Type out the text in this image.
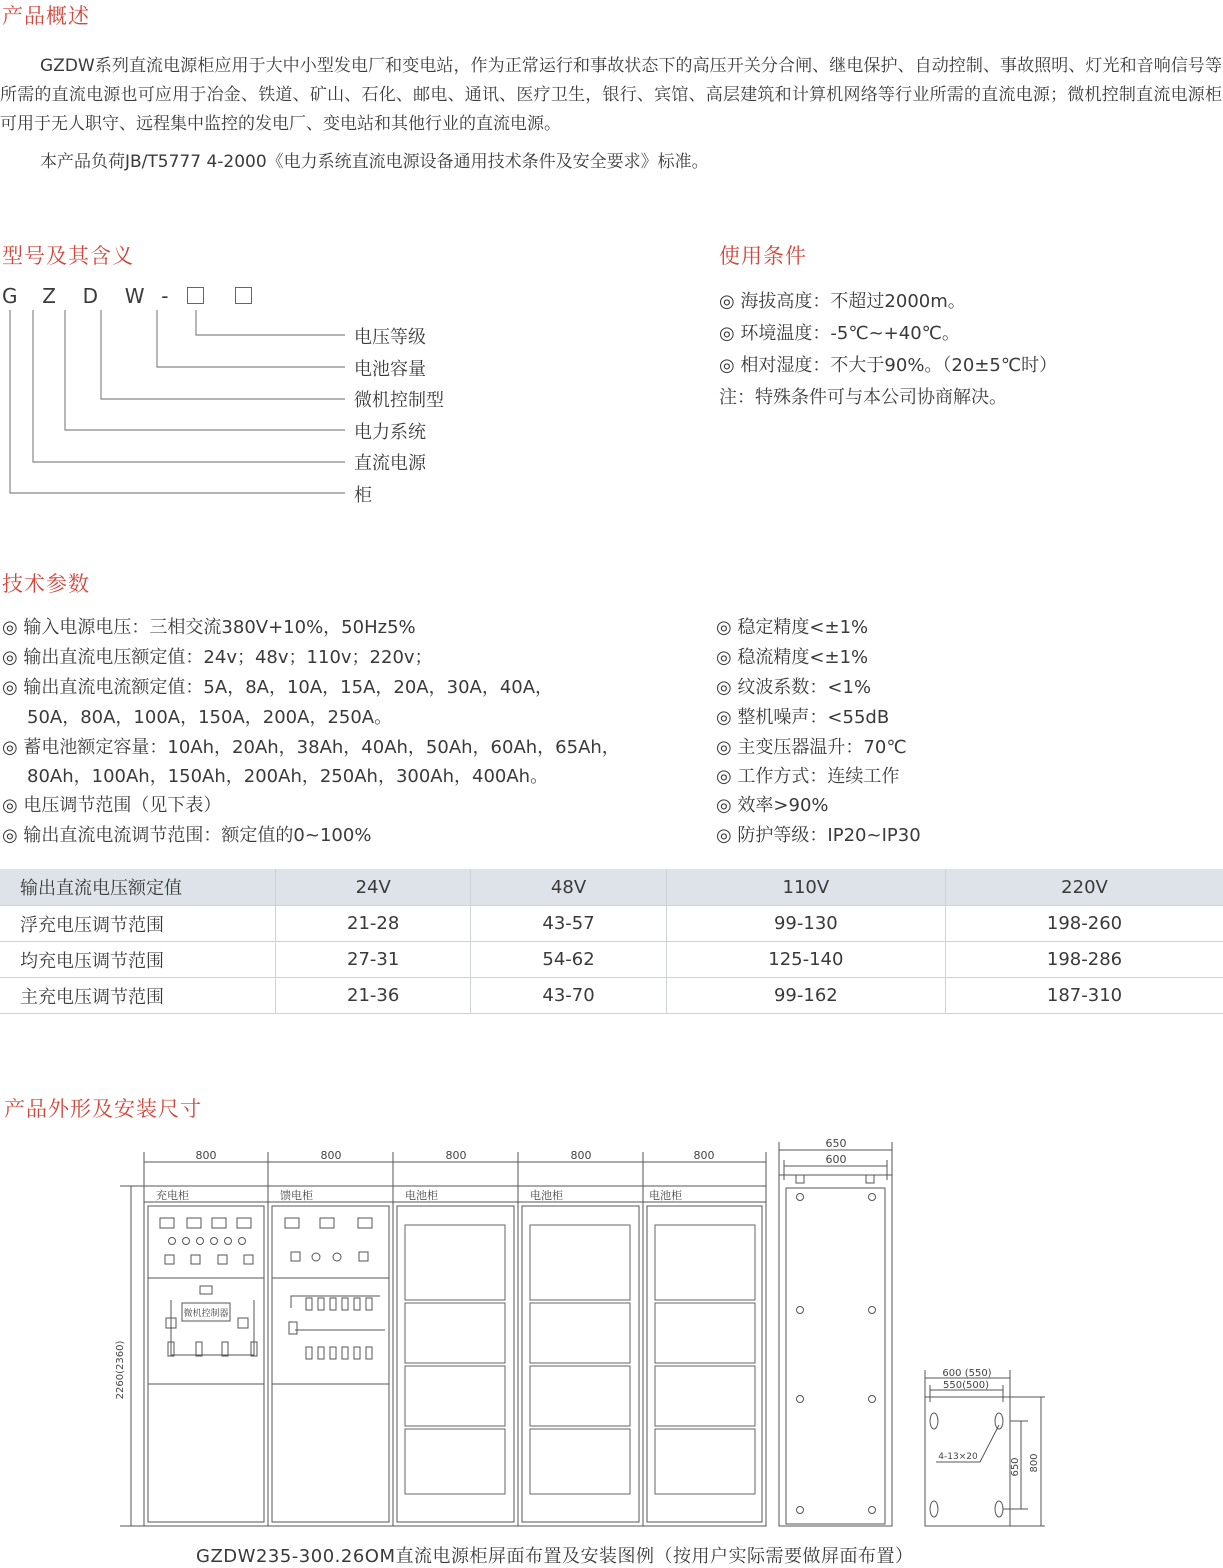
产品概述
GZDW系列直流电源柜应用于大中小型发电厂和变电站，作为正常运行和事故状态下的高压开关分合闸、继电保护、自动控制、事故照明、灯光和音响信号等所需的直流电源也可应用于冶金、铁道、矿山、石化、邮电、通讯、医疗卫生，银行、宾馆、高层建筑和计算机网络等行业所需的直流电源；微机控制直流电源柜可用于无人职守、远程集中监控的发电厂、变电站和其他行业的直流电源。
本产品负荷JB/T5777 4-2000《电力系统直流电源设备通用技术条件及安全要求》标准。
型号及其含义
G Z D W -
电压等级
电池容量
微机控制型
电力系统
直流电源
柜
使用条件
◎ 海拔高度：不超过2000m。
◎ 环境温度：-5℃~+40℃。
◎ 相对湿度：不大于90%。（20±5℃时）
注：特殊条件可与本公司协商解决。
技术参数
◎ 输入电源电压：三相交流380V+10%，50Hz5%
◎ 输出直流电压额定值：24v；48v；110v；220v；
◎ 输出直流电流额定值：5A，8A，10A，15A，20A，30A，40A，
50A，80A，100A，150A，200A，250A。
◎ 蓄电池额定容量：10Ah，20Ah，38Ah，40Ah，50Ah，60Ah，65Ah，
80Ah，100Ah，150Ah，200Ah，250Ah，300Ah，400Ah。
◎ 电压调节范围（见下表）
◎ 输出直流电流调节范围：额定值的0~100%
◎ 稳定精度<±1%
◎ 稳流精度<±1%
◎ 纹波系数：<1%
◎ 整机噪声：<55dB
◎ 主变压器温升：70℃
◎ 工作方式：连续工作
◎ 效率>90%
◎ 防护等级：IP20~IP30
输出直流电压额定值	24V	48V	110V	220V
浮充电压调节范围	21-28	43-57	99-130	198-260
均充电压调节范围	27-31	54-62	125-140	198-286
主充电压调节范围	21-36	43-70	99-162	187-310
产品外形及安装尺寸
800	800	800	800	800
650
600
600 (550)
550(500)
4-13×20
微机控制器
充电柜	馈电柜	电池柜	电池柜	电池柜
2260(2360)
650 800
GZDW235-300.26OM直流电源柜屏面布置及安装图例（按用户实际需要做屏面布置）
